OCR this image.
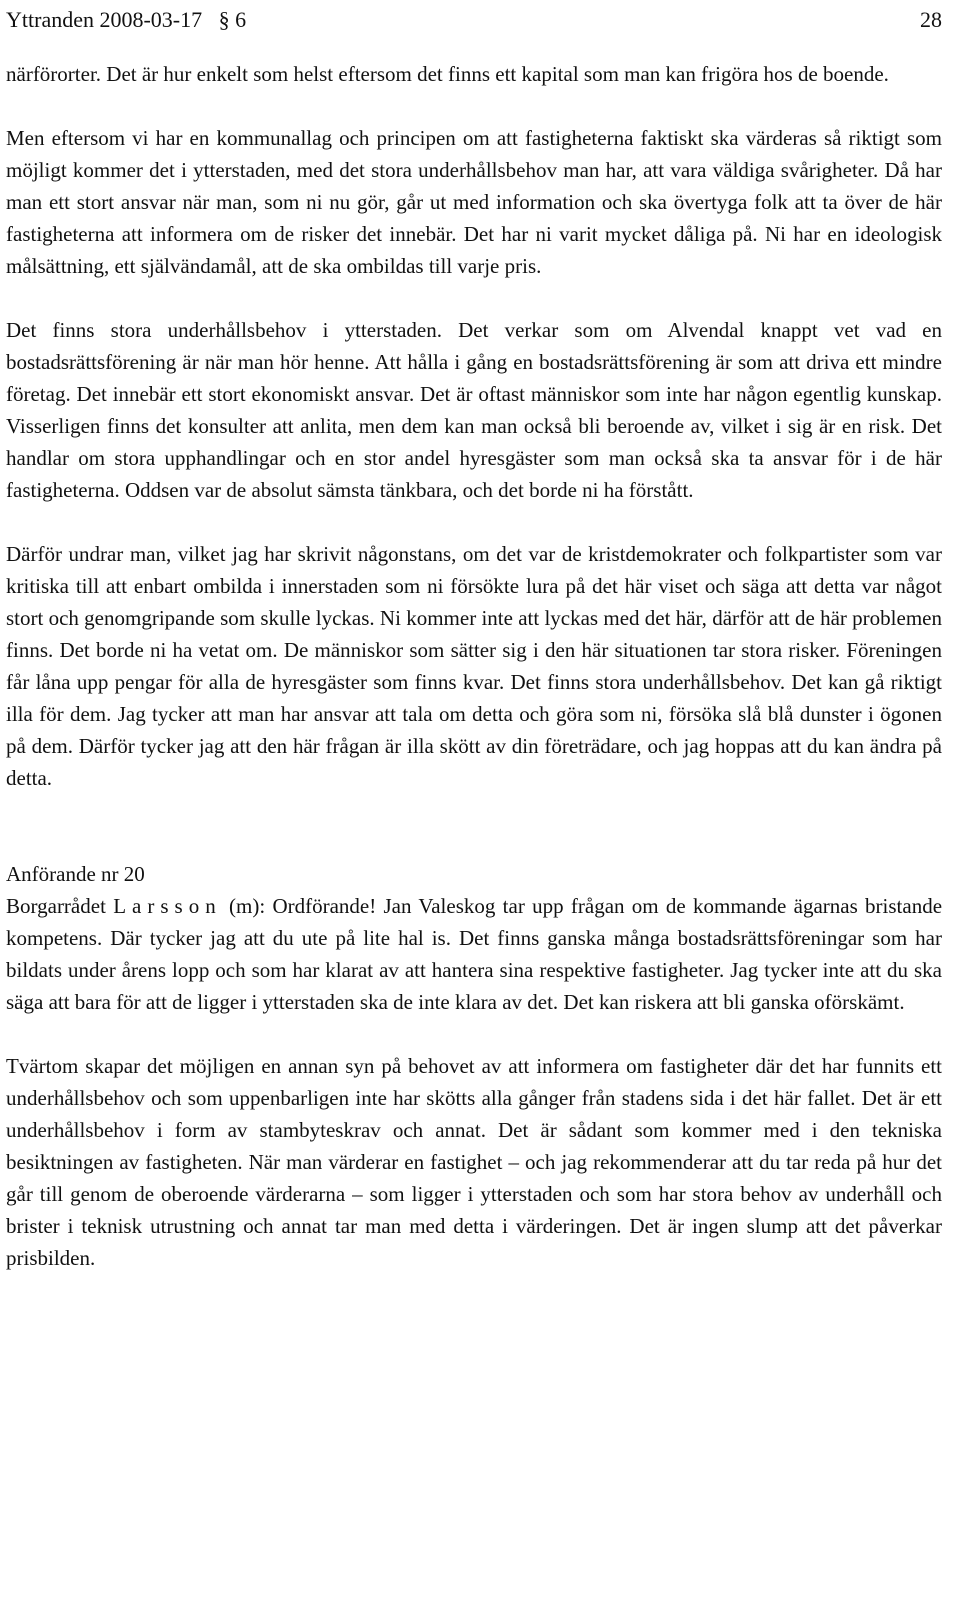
Yttranden 2008-03-17   § 6	28

närförorter. Det är hur enkelt som helst eftersom det finns ett kapital som man kan frigöra hos de boende.

Men eftersom vi har en kommunallag och principen om att fastigheterna faktiskt ska värderas så riktigt som möjligt kommer det i ytterstaden, med det stora underhållsbehov man har, att vara väldiga svårigheter. Då har man ett stort ansvar när man, som ni nu gör, går ut med information och ska övertyga folk att ta över de här fastigheterna att informera om de risker det innebär. Det har ni varit mycket dåliga på. Ni har en ideologisk målsättning, ett självändamål, att de ska ombildas till varje pris.

Det finns stora underhållsbehov i ytterstaden. Det verkar som om Alvendal knappt vet vad en bostadsrättsförening är när man hör henne. Att hålla i gång en bostadsrättsförening är som att driva ett mindre företag. Det innebär ett stort ekonomiskt ansvar. Det är oftast människor som inte har någon egentlig kunskap. Visserligen finns det konsulter att anlita, men dem kan man också bli beroende av, vilket i sig är en risk. Det handlar om stora upphandlingar och en stor andel hyresgäster som man också ska ta ansvar för i de här fastigheterna. Oddsen var de absolut sämsta tänkbara, och det borde ni ha förstått.

Därför undrar man, vilket jag har skrivit någonstans, om det var de kristdemokrater och folkpartister som var kritiska till att enbart ombilda i innerstaden som ni försökte lura på det här viset och säga att detta var något stort och genomgripande som skulle lyckas. Ni kommer inte att lyckas med det här, därför att de här problemen finns. Det borde ni ha vetat om. De människor som sätter sig i den här situationen tar stora risker. Föreningen får låna upp pengar för alla de hyresgäster som finns kvar. Det finns stora underhållsbehov. Det kan gå riktigt illa för dem. Jag tycker att man har ansvar att tala om detta och göra som ni, försöka slå blå dunster i ögonen på dem. Därför tycker jag att den här frågan är illa skött av din företrädare, och jag hoppas att du kan ändra på detta.

Anförande nr 20

Borgarrådet Larsson (m): Ordförande! Jan Valeskog tar upp frågan om de kommande ägarnas bristande kompetens. Där tycker jag att du ute på lite hal is. Det finns ganska många bostadsrättsföreningar som har bildats under årens lopp och som har klarat av att hantera sina respektive fastigheter. Jag tycker inte att du ska säga att bara för att de ligger i ytterstaden ska de inte klara av det. Det kan riskera att bli ganska oförskämt.

Tvärtom skapar det möjligen en annan syn på behovet av att informera om fastigheter där det har funnits ett underhållsbehov och som uppenbarligen inte har skötts alla gånger från stadens sida i det här fallet. Det är ett underhållsbehov i form av stambyteskrav och annat. Det är sådant som kommer med i den tekniska besiktningen av fastigheten. När man värderar en fastighet – och jag rekommenderar att du tar reda på hur det går till genom de oberoende värderarna – som ligger i ytterstaden och som har stora behov av underhåll och brister i teknisk utrustning och annat tar man med detta i värderingen. Det är ingen slump att det påverkar prisbilden.
